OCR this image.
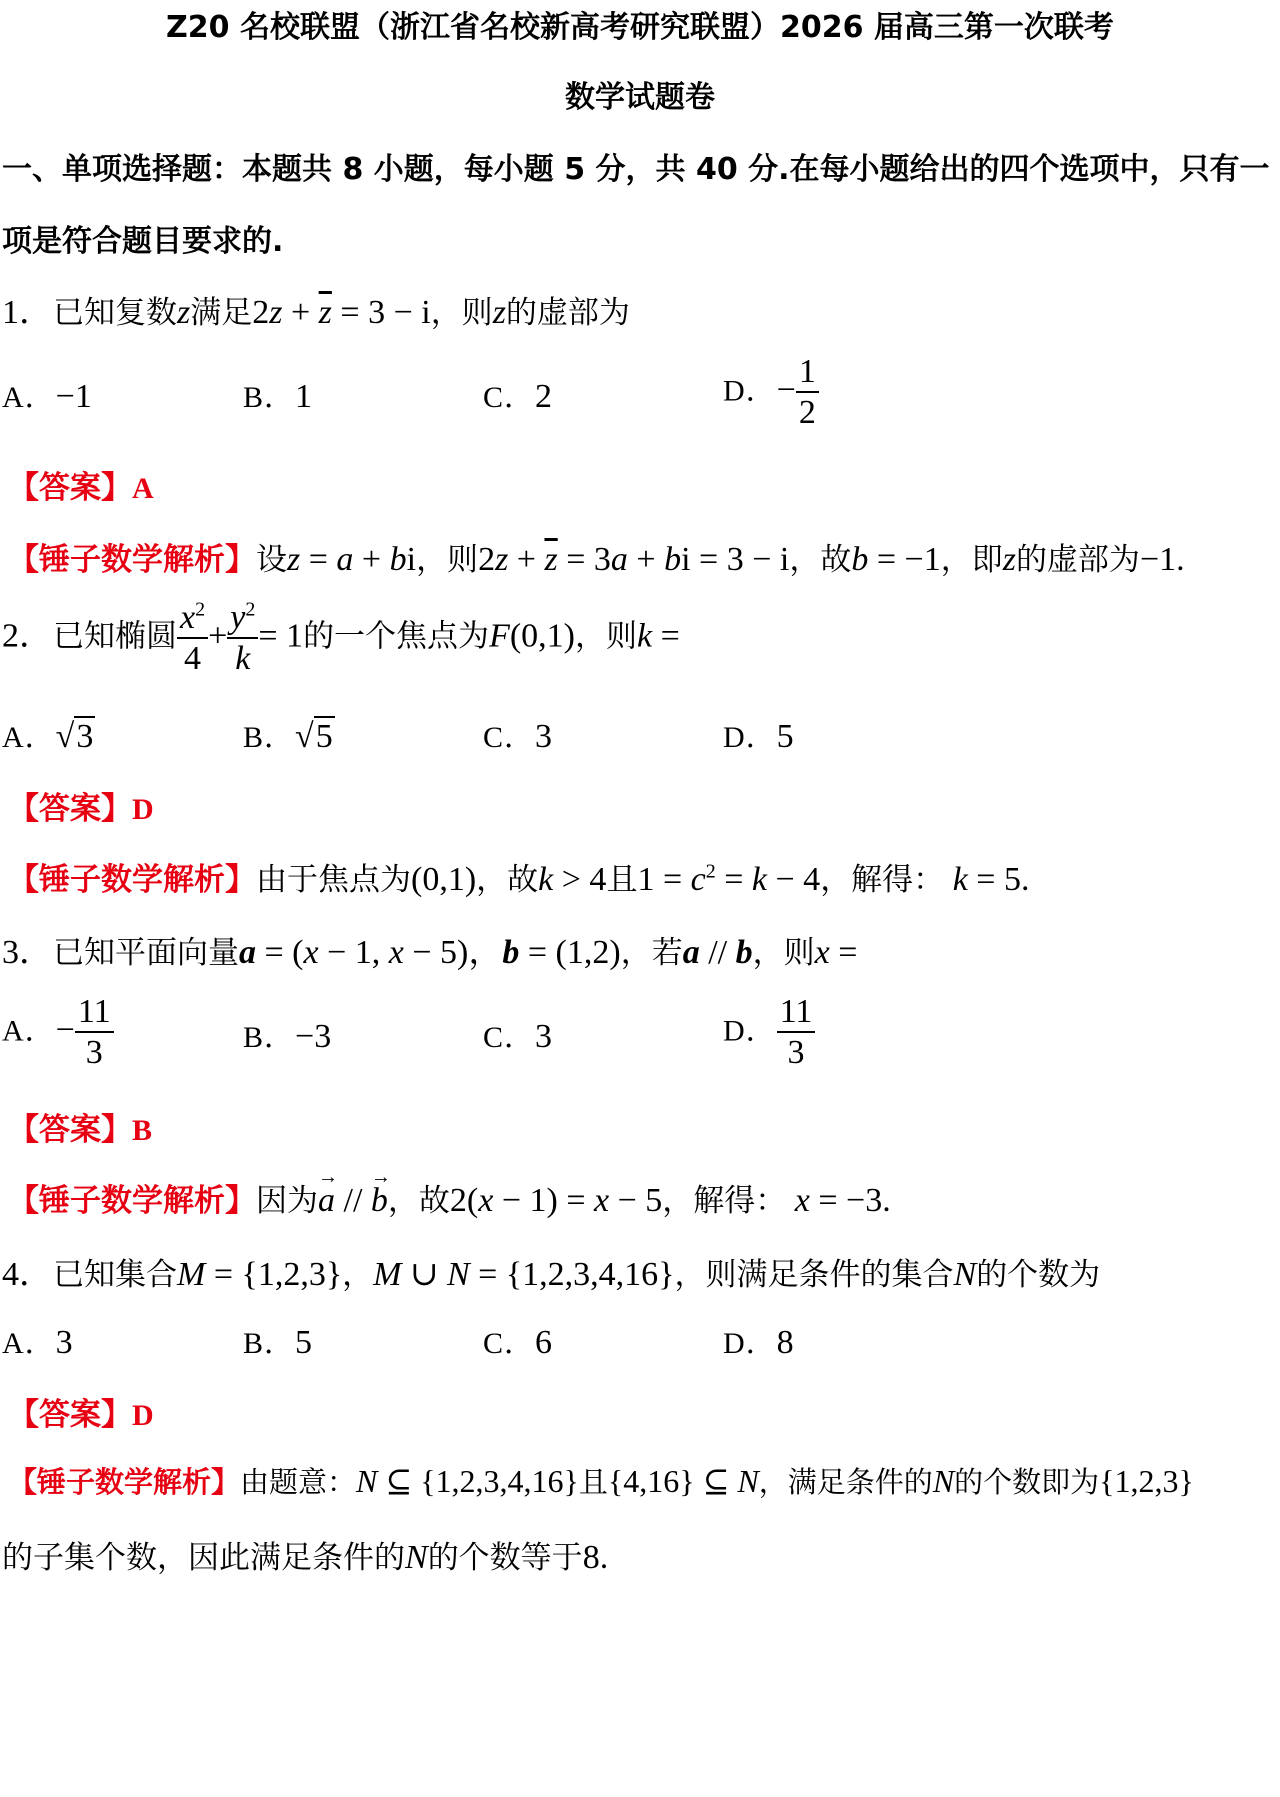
Z20 名校联盟（浙江省名校新高考研究联盟）2026 届高三第一次联考
数学试题卷
一、单项选择题：本题共 8 小题，每小题 5 分，共 40 分.在每小题给出的四个选项中，只有一
项是符合题目要求的.
1．已知复数z满足$2z + \overline{z} = 3 - i$，则z的虚部为
A．−1	B．1	C．2	D．− $\frac{1}{2}$
【答案】A
【锤子数学解析】设z = a + bi，则$2z + \overline{z} = 3a$ + bi = 3 − i，故b = −1，即z的虚部为−1.
2．已知椭圆 $\frac{x^2}{4} + \frac{y^2}{k} = 1$的一个焦点为F(0,1)，则k =
A．√3	B．√5	C．3	D．5
【答案】D
【锤子数学解析】由于焦点为(0,1)，故k > 4且$1 = c^2 = k - 4$，解得： k = 5.
3．已知平面向量a = (x − 1, x − 5)，b = (1,2)，若a // b，则x =
A．− $\frac{11}{3}$	B．−3	C．3	D． $\frac{11}{3}$
【答案】B
【锤子数学解析】因为→ a // → b，故2(x − 1) = x − 5，解得： x = −3.
4．已知集合M = {1,2,3}，M ∪ N = {1,2,3,4,16}，则满足条件的集合N的个数为
A．3	B．5	C．6	D．8
【答案】D
【锤子数学解析】由题意：N ⊆ {1,2,3,4,16}且{4,16} ⊆ N，满足条件的N的个数即为{1,2,3}
的子集个数，因此满足条件的N的个数等于8.
